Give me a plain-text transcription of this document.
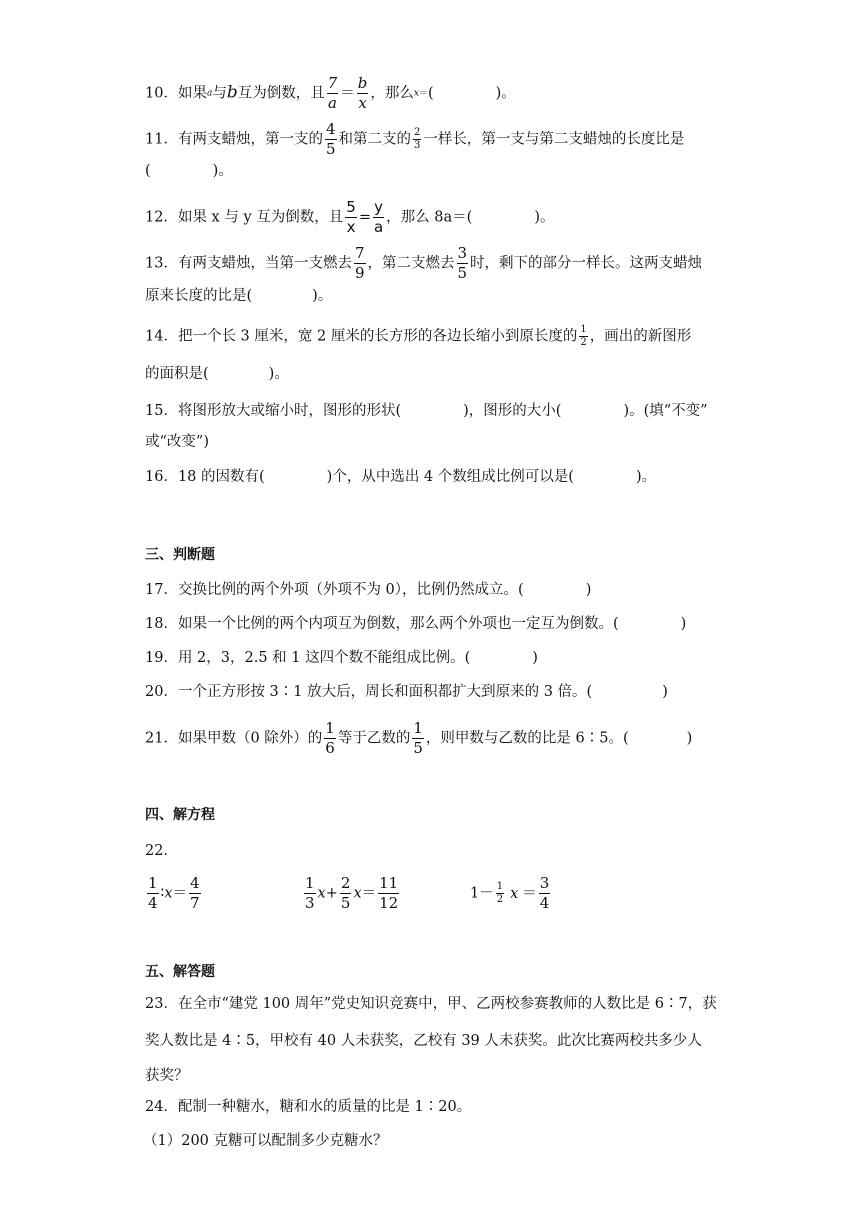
10．如果a与b互为倒数，且 $\frac{7}{a} = \frac{b}{x}$ ，那么x＝(	)。
11．有两支蜡烛，第一支的 $\frac{4}{5}$ 和第二支的 $\frac{2}{3}$ 一样长，第一支与第二支蜡烛的长度比是
(	)。
12．如果 x 与 y 互为倒数，且 $\frac{5}{x} = \frac{y}{a}$ ，那么 8a＝(	)。
13．有两支蜡烛，当第一支燃去 $\frac{7}{9}$ ，第二支燃去 $\frac{3}{5}$ 时，剩下的部分一样长。这两支蜡烛
原来长度的比是(	)。
14．把一个长 3 厘米，宽 2 厘米的长方形的各边长缩小到原长度的 $\frac{1}{2}$ ，画出的新图形
的面积是(	)。
15．将图形放大或缩小时，图形的形状(	)，图形的大小(	)。(填“不变”
或“改变”)
16．18 的因数有(	)个，从中选出 4 个数组成比例可以是(	)。
三、判断题
17．交换比例的两个外项（外项不为 0），比例仍然成立。(	)
18．如果一个比例的两个内项互为倒数，那么两个外项也一定互为倒数。(	)
19．用 2，3，2.5 和 1 这四个数不能组成比例。(	)
20．一个正方形按 3∶1 放大后，周长和面积都扩大到原来的 3 倍。(	)
21．如果甲数（0 除外）的 $\frac{1}{6}$ 等于乙数的 $\frac{1}{5}$ ，则甲数与乙数的比是 6∶5。(	)
四、解方程
22．
$\frac{1}{4}$ ∶x＝ $\frac{4}{7}$	$\frac{1}{3} x+ \frac{2}{5} x= \frac{11}{12}$	$1- \frac{1}{2}$ $x = \frac{3}{4}$
五、解答题
23．在全市“建党 100 周年”党史知识竞赛中，甲、乙两校参赛教师的人数比是 6∶7，获
奖人数比是 4∶5，甲校有 40 人未获奖，乙校有 39 人未获奖。此次比赛两校共多少人
获奖？
24．配制一种糖水，糖和水的质量的比是 1∶20。
（1）200 克糖可以配制多少克糖水？
